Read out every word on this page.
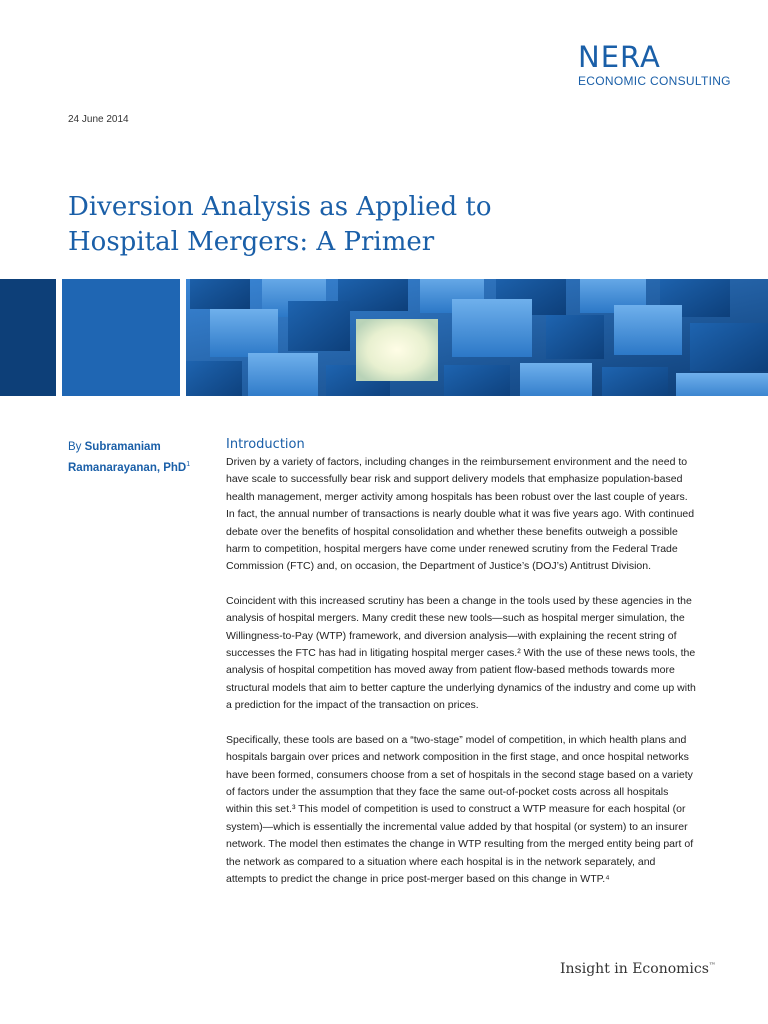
NERA
ECONOMIC CONSULTING
24 June 2014
Diversion Analysis as Applied to
Hospital Mergers: A Primer
By Subramaniam
Ramanarayanan, PhD$^1$
Introduction

Driven by a variety of factors, including changes in the reimbursement environment and the need to have scale to successfully bear risk and support delivery models that emphasize population-based health management, merger activity among hospitals has been robust over the last couple of years. In fact, the annual number of transactions is nearly double what it was five years ago. With continued debate over the benefits of hospital consolidation and whether these benefits outweigh a possible harm to competition, hospital mergers have come under renewed scrutiny from the Federal Trade Commission (FTC) and, on occasion, the Department of Justice’s (DOJ’s) Antitrust Division.

Coincident with this increased scrutiny has been a change in the tools used by these agencies in the analysis of hospital mergers. Many credit these new tools—such as hospital merger simulation, the Willingness-to-Pay (WTP) framework, and diversion analysis—with explaining the recent string of successes the FTC has had in litigating hospital merger cases.² With the use of these news tools, the analysis of hospital competition has moved away from patient flow-based methods towards more structural models that aim to better capture the underlying dynamics of the industry and come up with a prediction for the impact of the transaction on prices.

Specifically, these tools are based on a “two-stage” model of competition, in which health plans and hospitals bargain over prices and network composition in the first stage, and once hospital networks have been formed, consumers choose from a set of hospitals in the second stage based on a variety of factors under the assumption that they face the same out-of-pocket costs across all hospitals within this set.³ This model of competition is used to construct a WTP measure for each hospital (or system)—which is essentially the incremental value added by that hospital (or system) to an insurer network. The model then estimates the change in WTP resulting from the merged entity being part of the network as compared to a situation where each hospital is in the network separately, and attempts to predict the change in price post-merger based on this change in WTP.⁴

Insight in Economics™
